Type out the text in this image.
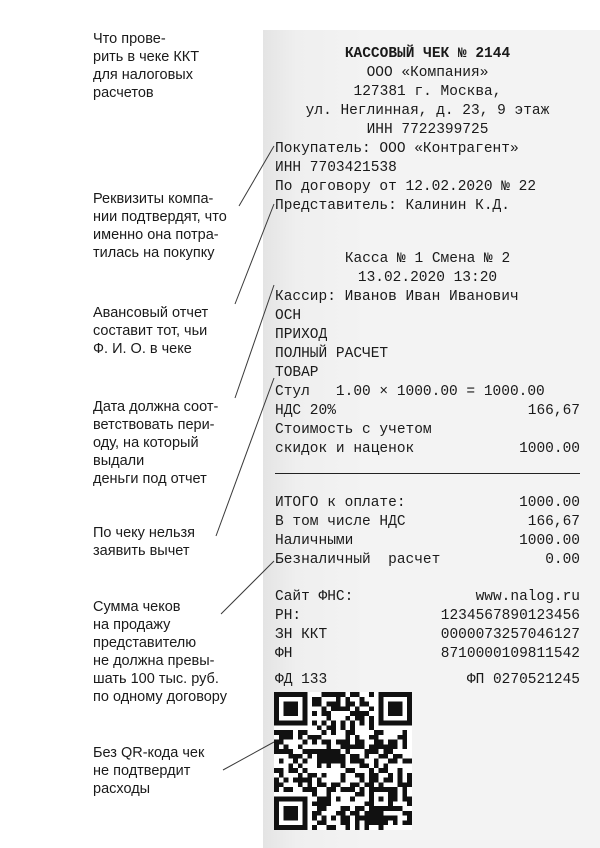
Что прове-
рить в чеке ККТ
для налоговых
расчетов
Реквизиты компа-
нии подтвердят, что
именно она потра-
тилась на покупку
Авансовый отчет
составит тот, чьи
Ф. И. О. в чеке
Дата должна соот-
ветствовать пери-
оду, на который
выдали
деньги под отчет
По чеку нельзя
заявить вычет
Сумма чеков
на продажу
представителю
не должна превы-
шать 100 тыс. руб.
по одному договору
Без QR-кода чек
не подтвердит
расходы
КАССОВЫЙ ЧЕК № 2144
ООО «Компания»
127381 г. Москва,
ул. Неглинная, д. 23, 9 этаж
ИНН 7722399725
Покупатель: ООО «Контрагент»
ИНН 7703421538
По договору от 12.02.2020 № 22
Представитель: Калинин К.Д.
Касса № 1 Смена № 2
13.02.2020 13:20
Кассир: Иванов Иван Иванович
ОСН
ПРИХОД
ПОЛНЫЙ РАСЧЕТ
ТОВАР
Стул   1.00 × 1000.00 = 1000.00

НДС 20%

	166,67

Стоимость с учетом

скидок и наценок

	1000.00

ИТОГО к оплате:

	1000.00

В том числе НДС

	166,67

Наличными

	1000.00

Безналичный  расчет

	0.00

Сайт ФНС:

	www.nalog.ru

РН:

	1234567890123456

ЗН ККТ

	0000073257046127

ФН

	8710000109811542

ФД 133

	ФП 0270521245
